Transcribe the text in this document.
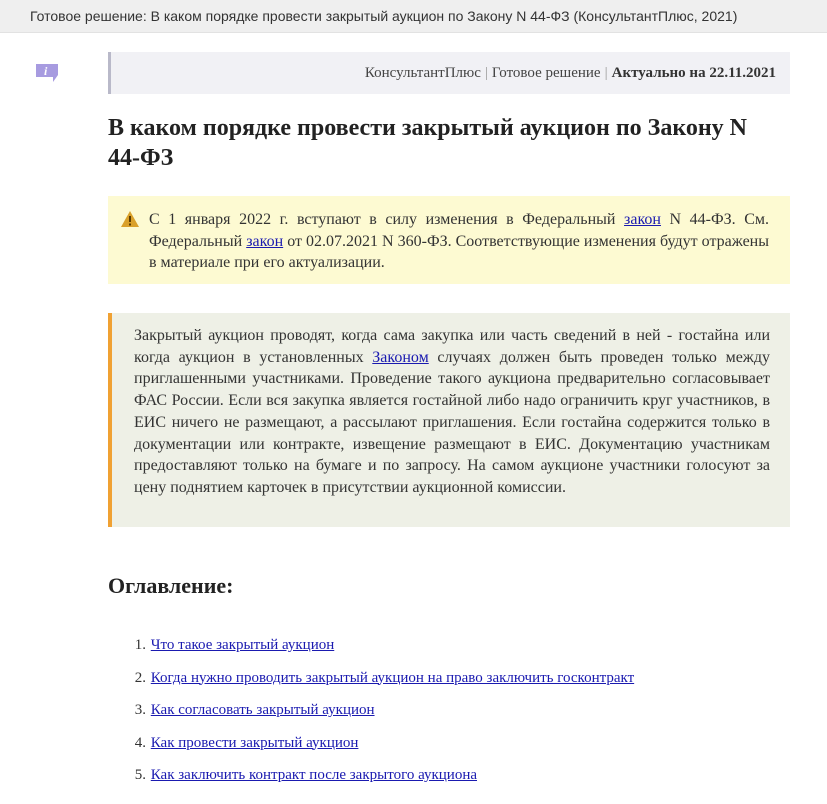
Готовое решение: В каком порядке провести закрытый аукцион по Закону N 44-ФЗ (КонсультантПлюс, 2021)
i	КонсультантПлюс | Готовое решение | Актуально на 22.11.2021
В каком порядке провести закрытый аукцион по Закону N 44-ФЗ
С 1 января 2022 г. вступают в силу изменения в Федеральный закон N 44-ФЗ. См. Федеральный закон от 02.07.2021 N 360-ФЗ. Соответствующие изменения будут отражены в материале при его актуализации.
Закрытый аукцион проводят, когда сама закупка или часть сведений в ней - гостайна или когда аукцион в установленных Законом случаях должен быть проведен только между приглашенными участниками. Проведение такого аукциона предварительно согласовывает ФАС России. Если вся закупка является гостайной либо надо ограничить круг участников, в ЕИС ничего не размещают, а рассылают приглашения. Если гостайна содержится только в документации или контракте, извещение размещают в ЕИС. Документацию участникам предоставляют только на бумаге и по запросу. На самом аукционе участники голосуют за цену поднятием карточек в присутствии аукционной комиссии.
Оглавление:
1. Что такое закрытый аукцион
2. Когда нужно проводить закрытый аукцион на право заключить госконтракт
3. Как согласовать закрытый аукцион
4. Как провести закрытый аукцион
5. Как заключить контракт после закрытого аукциона
